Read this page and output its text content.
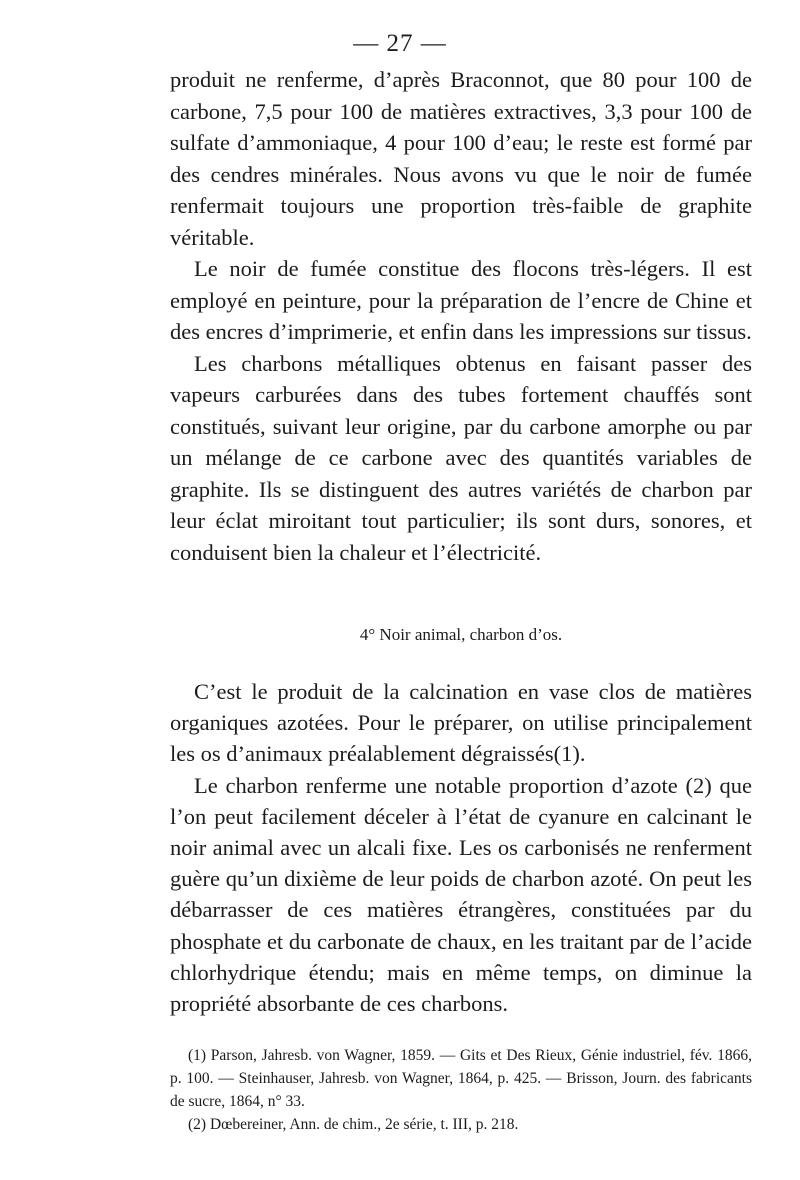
— 27 —

produit ne renferme, d’après Braconnot, que 80 pour 100 de carbone, 7,5 pour 100 de matières extractives, 3,3 pour 100 de sulfate d’ammoniaque, 4 pour 100 d’eau; le reste est formé par des cendres minérales. Nous avons vu que le noir de fumée renfermait toujours une proportion très-faible de graphite véritable.

Le noir de fumée constitue des flocons très-légers. Il est employé en peinture, pour la préparation de l’encre de Chine et des encres d’imprimerie, et enfin dans les impressions sur tissus.

Les charbons métalliques obtenus en faisant passer des vapeurs carburées dans des tubes fortement chauffés sont constitués, suivant leur origine, par du carbone amorphe ou par un mélange de ce carbone avec des quantités variables de graphite. Ils se distinguent des autres variétés de charbon par leur éclat miroitant tout particulier; ils sont durs, sonores, et conduisent bien la chaleur et l’électricité.

4° Noir animal, charbon d’os.

C’est le produit de la calcination en vase clos de matières organiques azotées. Pour le préparer, on utilise principalement les os d’animaux préalablement dégraissés(1).

Le charbon renferme une notable proportion d’azote (2) que l’on peut facilement déceler à l’état de cyanure en calcinant le noir animal avec un alcali fixe. Les os carbonisés ne renferment guère qu’un dixième de leur poids de charbon azoté. On peut les débarrasser de ces matières étrangères, constituées par du phosphate et du carbonate de chaux, en les traitant par de l’acide chlorhydrique étendu; mais en même temps, on diminue la propriété absorbante de ces charbons.

(1) Parson, Jahresb. von Wagner, 1859. — Gits et Des Rieux, Génie industriel, fév. 1866, p. 100. — Steinhauser, Jahresb. von Wagner, 1864, p. 425. — Brisson, Journ. des fabricants de sucre, 1864, n° 33.

(2) Dœbereiner, Ann. de chim., 2e série, t. III, p. 218.
